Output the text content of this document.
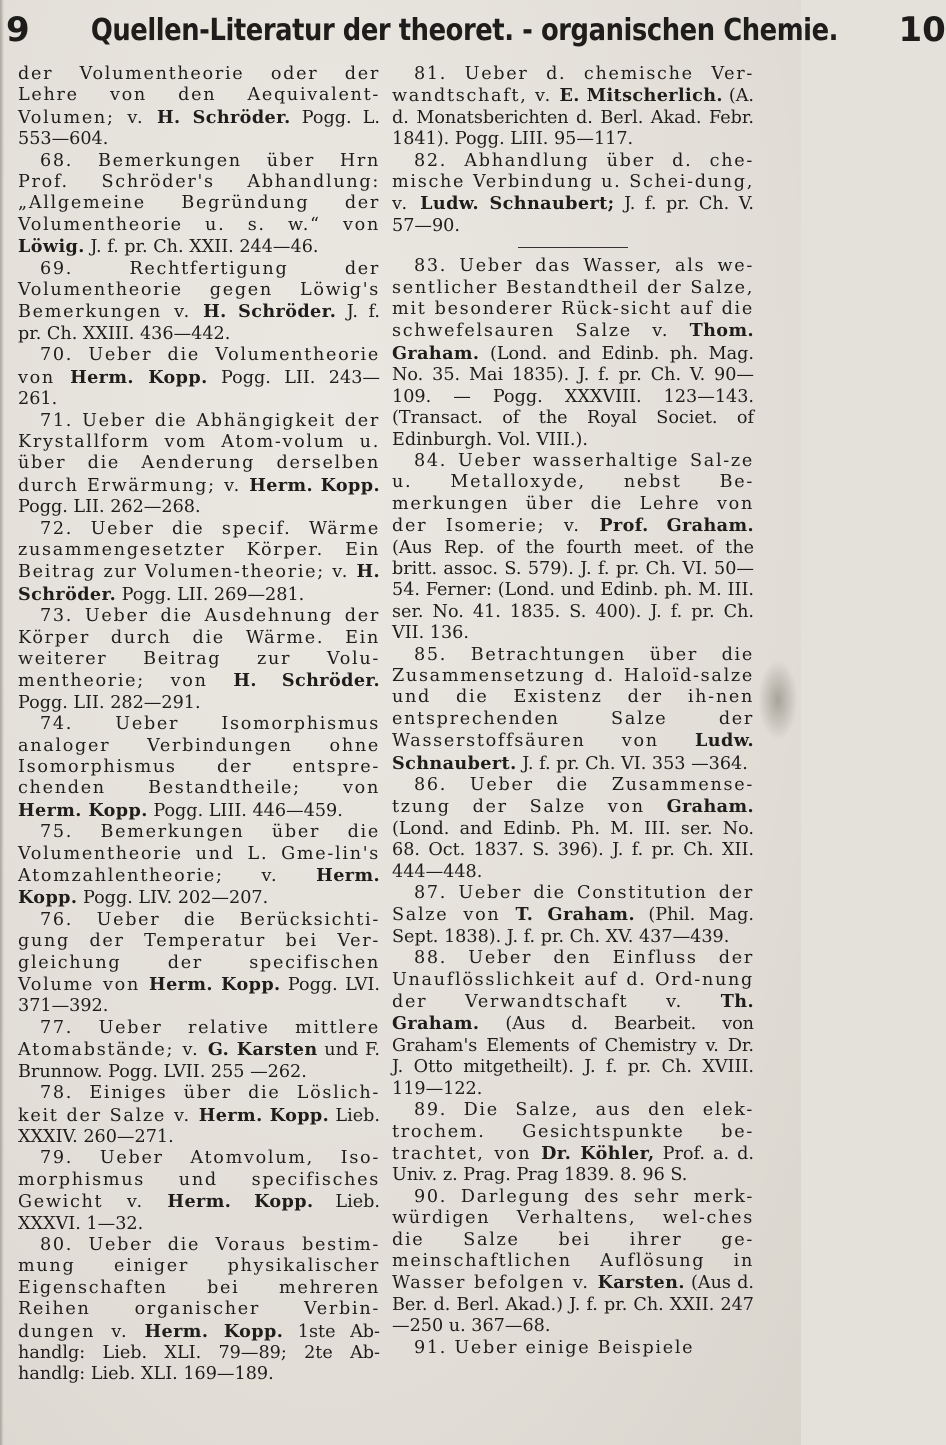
9 Quellen-Literatur der theoret. - organischen Chemie. 10

der Volumentheorie oder der Lehre von den Aequivalent-Volumen; v. H. Schröder. Pogg. L. 553—604.

68. Bemerkungen über Hrn Prof. Schröder's Abhandlung: „Allgemeine Begründung der Volumentheorie u. s. w.“ von Löwig. J. f. pr. Ch. XXII. 244—46.

69. Rechtfertigung der Volumentheorie gegen Löwig's Bemerkungen v. H. Schröder. J. f. pr. Ch. XXIII. 436—442.

70. Ueber die Volumentheorie von Herm. Kopp. Pogg. LII. 243—261.

71. Ueber die Abhängigkeit der Krystallform vom Atom-volum u. über die Aenderung derselben durch Erwärmung; v. Herm. Kopp. Pogg. LII. 262—268.

72. Ueber die specif. Wärme zusammengesetzter Körper. Ein Beitrag zur Volumen-theorie; v. H. Schröder. Pogg. LII. 269—281.

73. Ueber die Ausdehnung der Körper durch die Wärme. Ein weiterer Beitrag zur Volu-mentheorie; von H. Schröder. Pogg. LII. 282—291.

74. Ueber Isomorphismus analoger Verbindungen ohne Isomorphismus der entspre-chenden Bestandtheile; von Herm. Kopp. Pogg. LIII. 446—459.

75. Bemerkungen über die Volumentheorie und L. Gme-lin's Atomzahlentheorie; v. Herm. Kopp. Pogg. LIV. 202—207.

76. Ueber die Berücksichti-gung der Temperatur bei Ver-gleichung der specifischen Volume von Herm. Kopp. Pogg. LVI. 371—392.

77. Ueber relative mittlere Atomabstände; v. G. Karsten und F. Brunnow. Pogg. LVII. 255 —262.

78. Einiges über die Löslich-keit der Salze v. Herm. Kopp. Lieb. XXXIV. 260—271.

79. Ueber Atomvolum, Iso-morphismus und specifisches Gewicht v. Herm. Kopp. Lieb. XXXVI. 1—32.

80. Ueber die Voraus bestim-mung einiger physikalischer Eigenschaften bei mehreren Reihen organischer Verbin-dungen v. Herm. Kopp. 1ste Ab-handlg: Lieb. XLI. 79—89; 2te Ab-handlg: Lieb. XLI. 169—189.

81. Ueber d. chemische Ver-wandtschaft, v. E. Mitscherlich. (A. d. Monatsberichten d. Berl. Akad. Febr. 1841). Pogg. LIII. 95—117.

82. Abhandlung über d. che-mische Verbindung u. Schei-dung, v. Ludw. Schnaubert; J. f. pr. Ch. V. 57—90.

83. Ueber das Wasser, als we-sentlicher Bestandtheil der Salze, mit besonderer Rück-sicht auf die schwefelsauren Salze v. Thom. Graham. (Lond. and Edinb. ph. Mag. No. 35. Mai 1835). J. f. pr. Ch. V. 90—109. — Pogg. XXXVIII. 123—143. (Transact. of the Royal Societ. of Edinburgh. Vol. VIII.).

84. Ueber wasserhaltige Sal-ze u. Metalloxyde, nebst Be-merkungen über die Lehre von der Isomerie; v. Prof. Graham. (Aus Rep. of the fourth meet. of the britt. assoc. S. 579). J. f. pr. Ch. VI. 50—54. Ferner: (Lond. und Edinb. ph. M. III. ser. No. 41. 1835. S. 400). J. f. pr. Ch. VII. 136.

85. Betrachtungen über die Zusammensetzung d. Haloïd-salze und die Existenz der ih-nen entsprechenden Salze der Wasserstoffsäuren von Ludw. Schnaubert. J. f. pr. Ch. VI. 353 —364.

86. Ueber die Zusammense-tzung der Salze von Graham. (Lond. and Edinb. Ph. M. III. ser. No. 68. Oct. 1837. S. 396). J. f. pr. Ch. XII. 444—448.

87. Ueber die Constitution der Salze von T. Graham. (Phil. Mag. Sept. 1838). J. f. pr. Ch. XV. 437—439.

88. Ueber den Einfluss der Unauflösslichkeit auf d. Ord-nung der Verwandtschaft v. Th. Graham. (Aus d. Bearbeit. von Graham's Elements of Chemistry v. Dr. J. Otto mitgetheilt). J. f. pr. Ch. XVIII. 119—122.

89. Die Salze, aus den elek-trochem. Gesichtspunkte be-trachtet, von Dr. Köhler, Prof. a. d. Univ. z. Prag. Prag 1839. 8. 96 S.

90. Darlegung des sehr merk-würdigen Verhaltens, wel-ches die Salze bei ihrer ge-meinschaftlichen Auflösung in Wasser befolgen v. Karsten. (Aus d. Ber. d. Berl. Akad.) J. f. pr. Ch. XXII. 247—250 u. 367—68.

91. Ueber einige Beispiele
